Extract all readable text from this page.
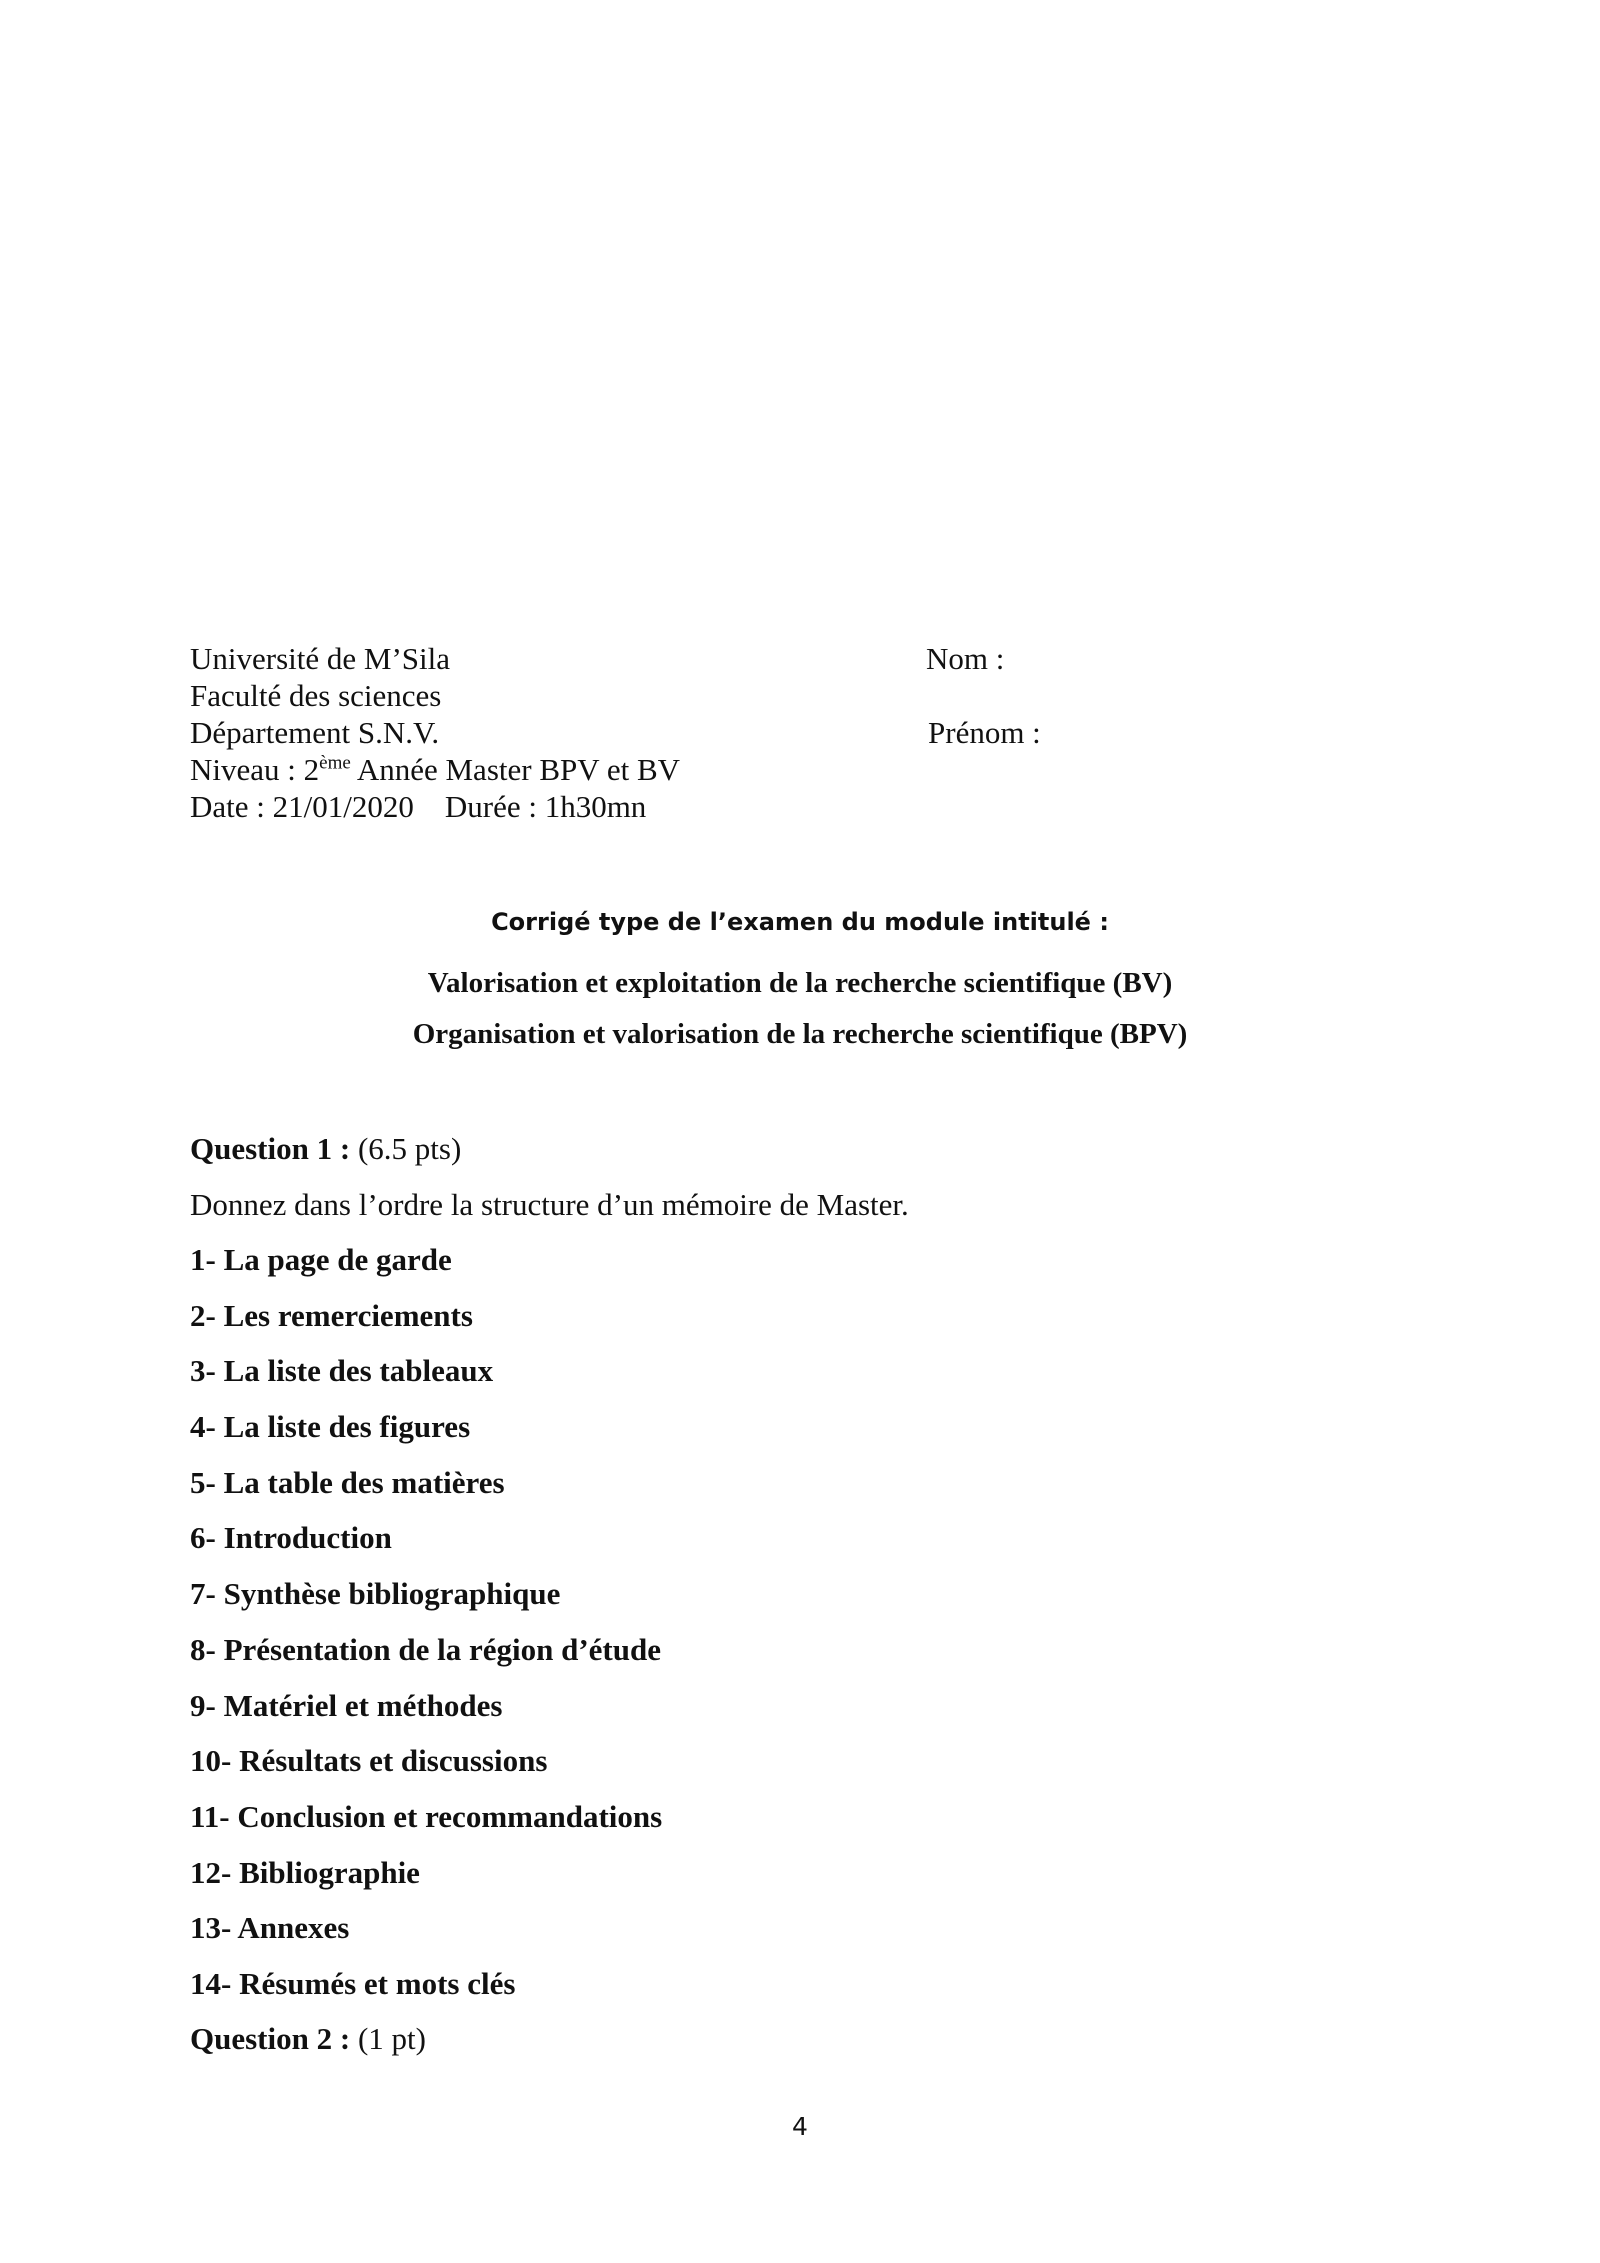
Université de M’Sila
Faculté des sciences
Département S.N.V.
Niveau : 2ème Année Master BPV et BV
Date : 21/01/2020    Durée : 1h30mn
Nom :
Prénom :
Corrigé type de l’examen du module intitulé :
Valorisation et exploitation de la recherche scientifique (BV)
Organisation et valorisation de la recherche scientifique (BPV)
Question 1 : (6.5 pts)
Donnez dans l’ordre la structure d’un mémoire de Master.
1- La page de garde
2- Les remerciements
3- La liste des tableaux
4- La liste des figures
5- La table des matières
6- Introduction
7- Synthèse bibliographique
8- Présentation de la région d’étude
9- Matériel et méthodes
10- Résultats et discussions
11- Conclusion et recommandations
12- Bibliographie
13- Annexes
14- Résumés et mots clés
Question 2 : (1 pt)
4
